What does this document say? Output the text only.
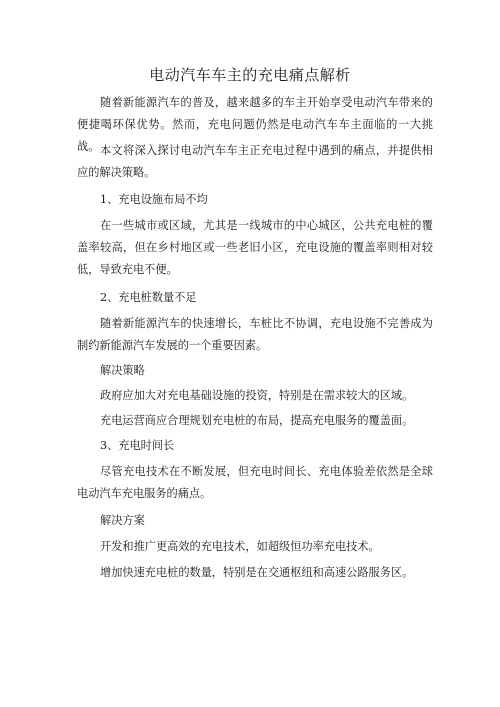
电动汽车车主的充电痛点解析

随着新能源汽车的普及，越来越多的车主开始享受电动汽车带来的便捷喝环保优势。然而，充电问题仍然是电动汽车车主面临的一大挑战。 本文将深入探讨电动汽车车主正充电过程中遇到的痛点，并提供相应的解决策略。

1、充电设施布局不均

在一些城市或区域，尤其是一线城市的中心城区，公共充电桩的覆盖率较高，但在乡村地区或一些老旧小区，充电设施的覆盖率则相对较低，导致充电不便。

2、充电桩数量不足

随着新能源汽车的快速增长，车桩比不协调，充电设施不完善成为制约新能源汽车发展的一个重要因素。

解决策略

政府应加大对充电基础设施的投资，特别是在需求较大的区域。

充电运营商应合理规划充电桩的布局，提高充电服务的覆盖面。

3、充电时间长

尽管充电技术在不断发展，但充电时间长、充电体验差依然是全球电动汽车充电服务的痛点。

解决方案

开发和推广更高效的充电技术，如超级恒功率充电技术。

增加快速充电桩的数量，特别是在交通枢纽和高速公路服务区。
